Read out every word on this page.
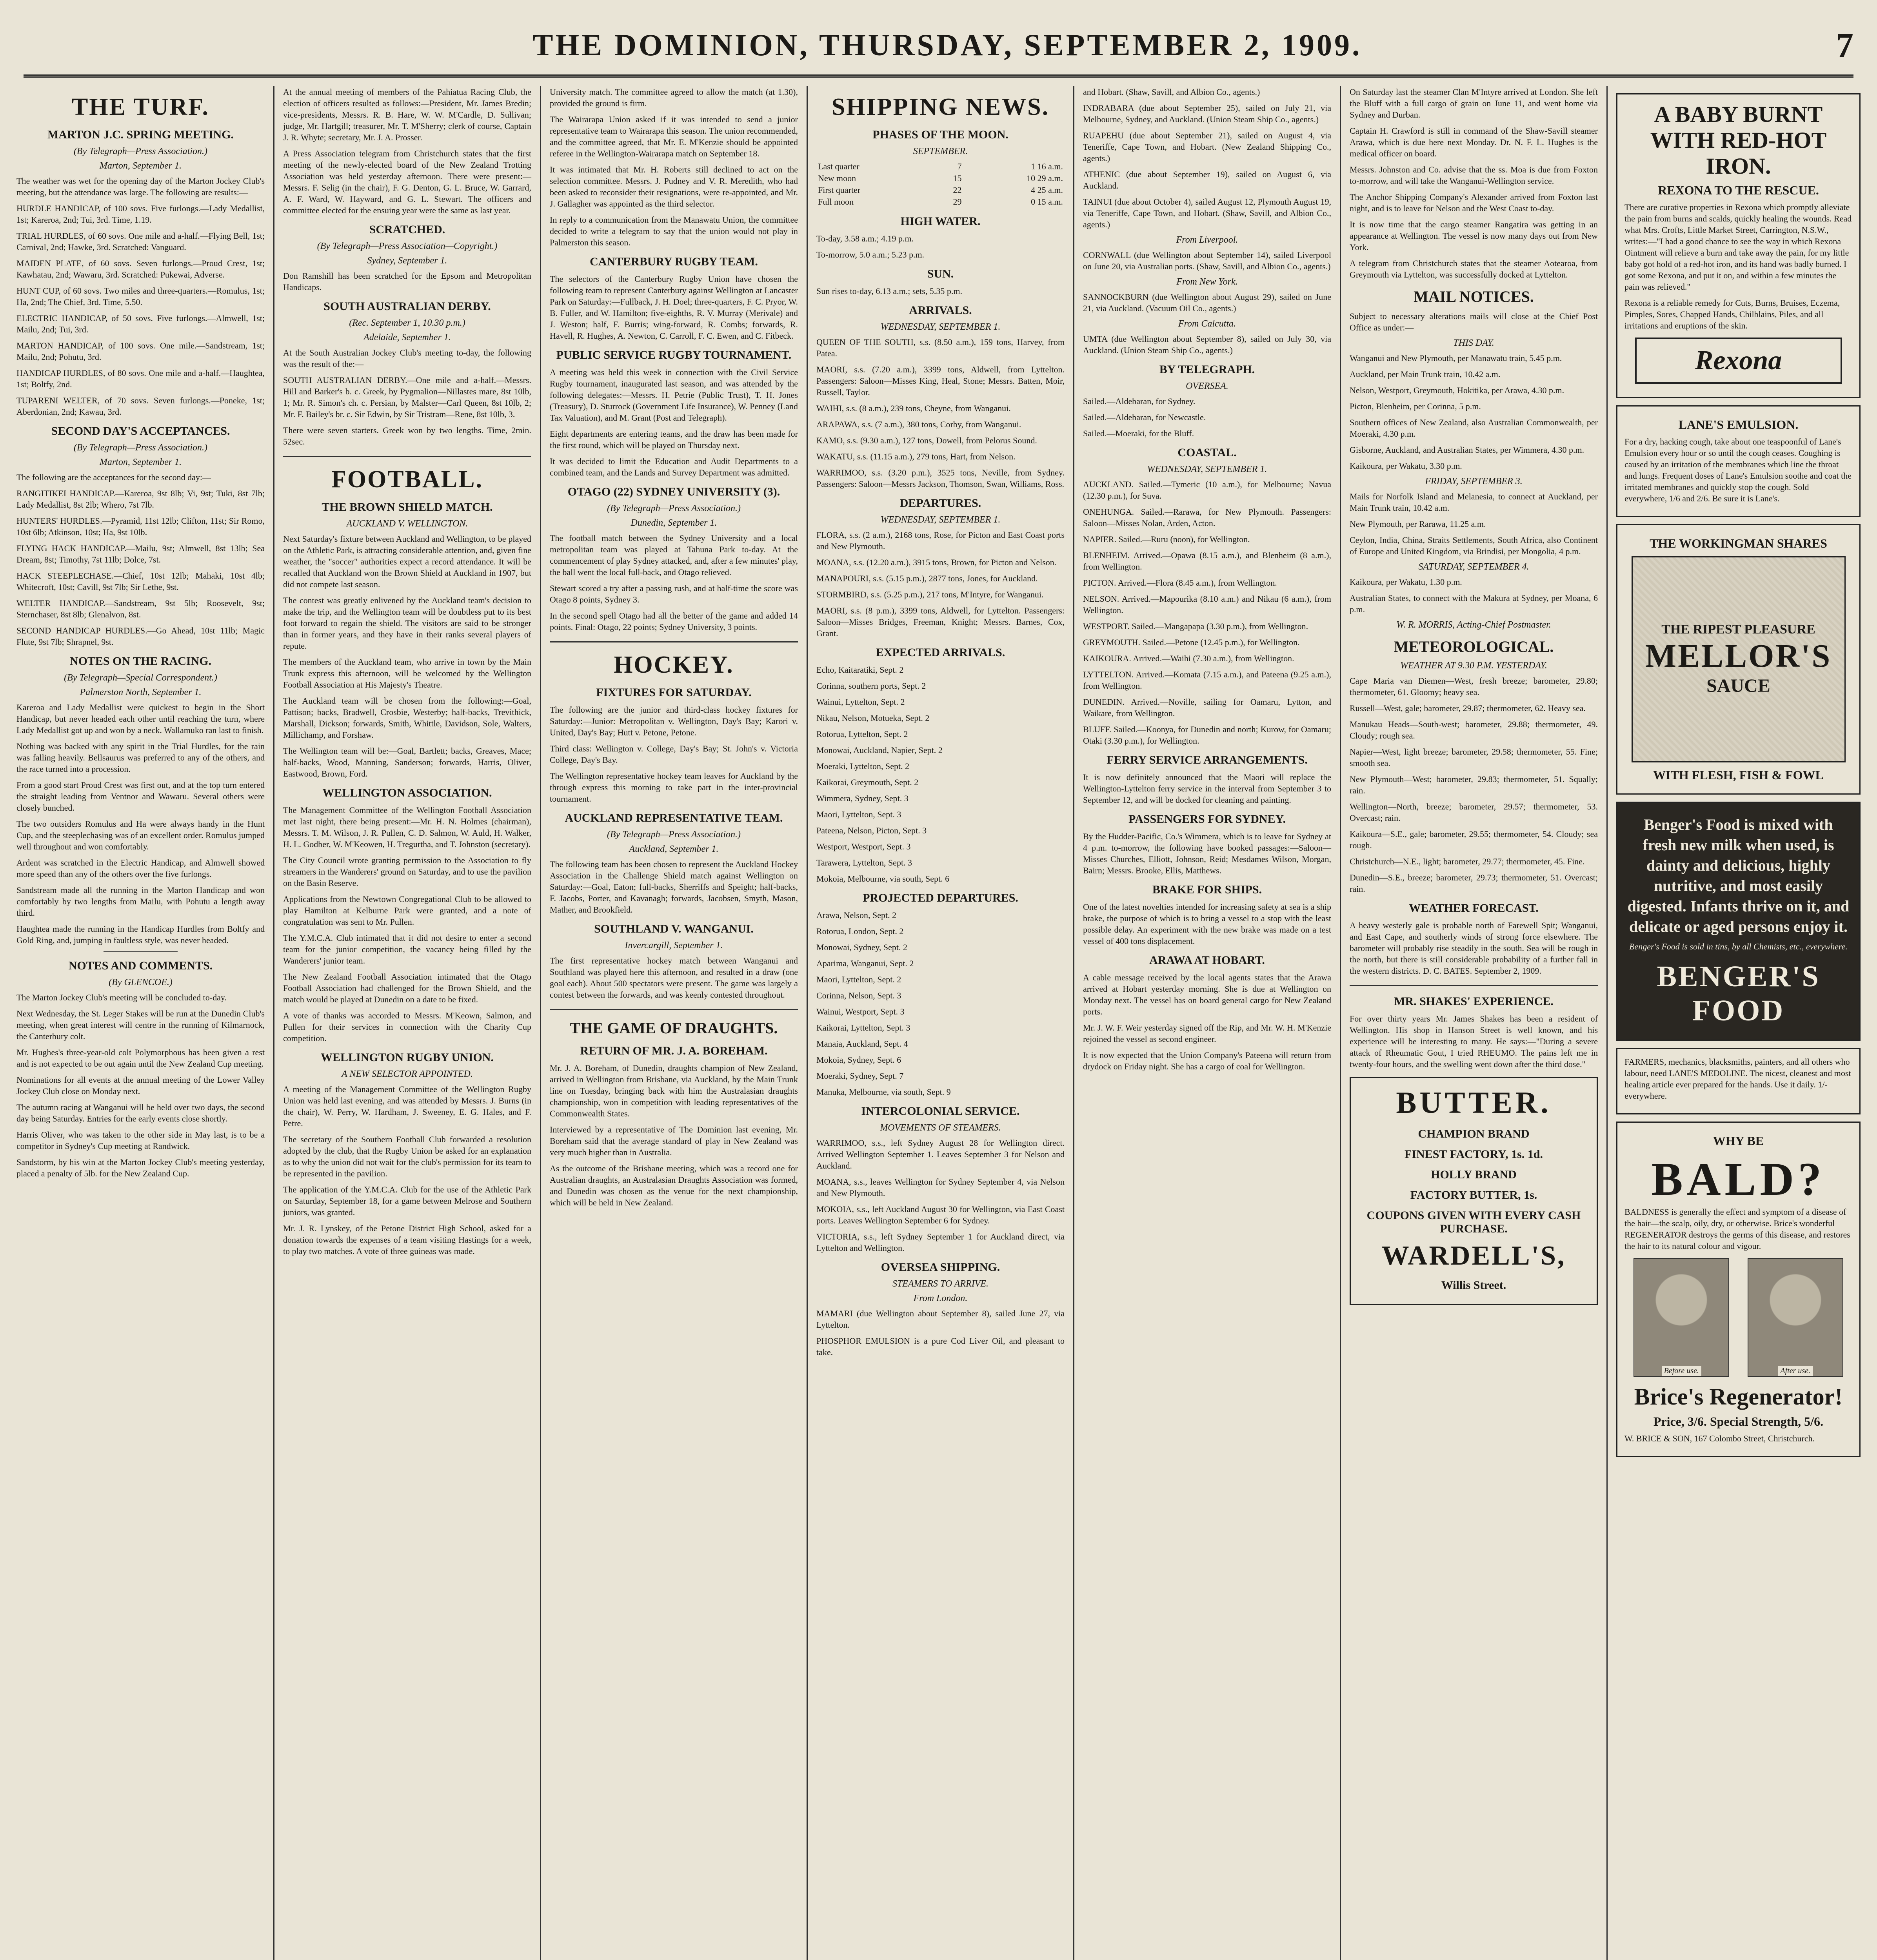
THE DOMINION, THURSDAY, SEPTEMBER 2, 1909.	7
THE TURF.
MARTON J.C. SPRING MEETING.
(By Telegraph—Press Association.)
Marton, September 1.
The weather was wet for the opening day of the Marton Jockey Club's meeting, but the attendance was large. The following are results:—
HURDLE HANDICAP, of 100 sovs. Five furlongs.—Lady Medallist, 1st; Kareroa, 2nd; Tui, 3rd. Time, 1.19.
TRIAL HURDLES, of 60 sovs. One mile and a-half.—Flying Bell, 1st; Carnival, 2nd; Hawke, 3rd. Scratched: Vanguard.
MAIDEN PLATE, of 60 sovs. Seven furlongs.—Proud Crest, 1st; Kawhatau, 2nd; Wawaru, 3rd. Scratched: Pukewai, Adverse.
HUNT CUP, of 60 sovs. Two miles and three-quarters.—Romulus, 1st; Ha, 2nd; The Chief, 3rd. Time, 5.50.
ELECTRIC HANDICAP, of 50 sovs. Five furlongs.—Almwell, 1st; Mailu, 2nd; Tui, 3rd.
MARTON HANDICAP, of 100 sovs. One mile.—Sandstream, 1st; Mailu, 2nd; Pohutu, 3rd.
HANDICAP HURDLES, of 80 sovs. One mile and a-half.—Haughtea, 1st; Boltfy, 2nd.
TUPARENI WELTER, of 70 sovs. Seven furlongs.—Poneke, 1st; Aberdonian, 2nd; Kawau, 3rd.
SECOND DAY'S ACCEPTANCES.
(By Telegraph—Press Association.)
Marton, September 1.
The following are the acceptances for the second day:—
RANGITIKEI HANDICAP.—Kareroa, 9st 8lb; Vi, 9st; Tuki, 8st 7lb; Lady Medallist, 8st 2lb; Whero, 7st 7lb.
HUNTERS' HURDLES.—Pyramid, 11st 12lb; Clifton, 11st; Sir Romo, 10st 6lb; Atkinson, 10st; Ha, 9st 10lb.
FLYING HACK HANDICAP.—Mailu, 9st; Almwell, 8st 13lb; Sea Dream, 8st; Timothy, 7st 11lb; Dolce, 7st.
HACK STEEPLECHASE.—Chief, 10st 12lb; Mahaki, 10st 4lb; Whitecroft, 10st; Cavill, 9st 7lb; Sir Lethe, 9st.
WELTER HANDICAP.—Sandstream, 9st 5lb; Roosevelt, 9st; Sternchaser, 8st 8lb; Glenalvon, 8st.
SECOND HANDICAP HURDLES.—Go Ahead, 10st 11lb; Magic Flute, 9st 7lb; Shrapnel, 9st.
NOTES ON THE RACING.
(By Telegraph—Special Correspondent.)
Palmerston North, September 1.
Kareroa and Lady Medallist were quickest to begin in the Short Handicap, but never headed each other until reaching the turn, where Lady Medallist got up and won by a neck. Wallamuko ran last to finish.
Nothing was backed with any spirit in the Trial Hurdles, for the rain was falling heavily. Bellsaurus was preferred to any of the others, and the race turned into a procession.
From a good start Proud Crest was first out, and at the top turn entered the straight leading from Ventnor and Wawaru. Several others were closely bunched.
The two outsiders Romulus and Ha were always handy in the Hunt Cup, and the steeplechasing was of an excellent order. Romulus jumped well throughout and won comfortably.
Ardent was scratched in the Electric Handicap, and Almwell showed more speed than any of the others over the five furlongs.
Sandstream made all the running in the Marton Handicap and won comfortably by two lengths from Mailu, with Pohutu a length away third.
Haughtea made the running in the Handicap Hurdles from Boltfy and Gold Ring, and, jumping in faultless style, was never headed.
NOTES AND COMMENTS.
(By GLENCOE.)
The Marton Jockey Club's meeting will be concluded to-day.
Next Wednesday, the St. Leger Stakes will be run at the Dunedin Club's meeting, when great interest will centre in the running of Kilmarnock, the Canterbury colt.
Mr. Hughes's three-year-old colt Polymorphous has been given a rest and is not expected to be out again until the New Zealand Cup meeting.
Nominations for all events at the annual meeting of the Lower Valley Jockey Club close on Monday next.
The autumn racing at Wanganui will be held over two days, the second day being Saturday. Entries for the early events close shortly.
Harris Oliver, who was taken to the other side in May last, is to be a competitor in Sydney's Cup meeting at Randwick.
Sandstorm, by his win at the Marton Jockey Club's meeting yesterday, placed a penalty of 5lb. for the New Zealand Cup.
At the annual meeting of members of the Pahiatua Racing Club, the election of officers resulted as follows:—President, Mr. James Bredin; vice-presidents, Messrs. R. B. Hare, W. W. M'Cardle, D. Sullivan; judge, Mr. Hartgill; treasurer, Mr. T. M'Sherry; clerk of course, Captain J. R. Whyte; secretary, Mr. J. A. Prosser.
A Press Association telegram from Christchurch states that the first meeting of the newly-elected board of the New Zealand Trotting Association was held yesterday afternoon. There were present:—Messrs. F. Selig (in the chair), F. G. Denton, G. L. Bruce, W. Garrard, A. F. Ward, W. Hayward, and G. L. Stewart. The officers and committee elected for the ensuing year were the same as last year.
SCRATCHED.
(By Telegraph—Press Association—Copyright.)
Sydney, September 1.
Don Ramshill has been scratched for the Epsom and Metropolitan Handicaps.
SOUTH AUSTRALIAN DERBY.
(Rec. September 1, 10.30 p.m.)
Adelaide, September 1.
At the South Australian Jockey Club's meeting to-day, the following was the result of the:—
SOUTH AUSTRALIAN DERBY.—One mile and a-half.—Messrs. Hill and Barker's b. c. Greek, by Pygmalion—Nillastes mare, 8st 10lb, 1; Mr. R. Simon's ch. c. Persian, by Malster—Carl Queen, 8st 10lb, 2; Mr. F. Bailey's br. c. Sir Edwin, by Sir Tristram—Rene, 8st 10lb, 3.
There were seven starters. Greek won by two lengths. Time, 2min. 52sec.
FOOTBALL.
THE BROWN SHIELD MATCH.
AUCKLAND V. WELLINGTON.
Next Saturday's fixture between Auckland and Wellington, to be played on the Athletic Park, is attracting considerable attention, and, given fine weather, the "soccer" authorities expect a record attendance. It will be recalled that Auckland won the Brown Shield at Auckland in 1907, but did not compete last season.
The contest was greatly enlivened by the Auckland team's decision to make the trip, and the Wellington team will be doubtless put to its best foot forward to regain the shield. The visitors are said to be stronger than in former years, and they have in their ranks several players of repute.
The members of the Auckland team, who arrive in town by the Main Trunk express this afternoon, will be welcomed by the Wellington Football Association at His Majesty's Theatre.
The Auckland team will be chosen from the following:—Goal, Pattison; backs, Bradwell, Crosbie, Westerby; half-backs, Trevithick, Marshall, Dickson; forwards, Smith, Whittle, Davidson, Sole, Walters, Millichamp, and Forshaw.
The Wellington team will be:—Goal, Bartlett; backs, Greaves, Mace; half-backs, Wood, Manning, Sanderson; forwards, Harris, Oliver, Eastwood, Brown, Ford.
WELLINGTON ASSOCIATION.
The Management Committee of the Wellington Football Association met last night, there being present:—Mr. H. N. Holmes (chairman), Messrs. T. M. Wilson, J. R. Pullen, C. D. Salmon, W. Auld, H. Walker, H. L. Godber, W. M'Keowen, H. Tregurtha, and T. Johnston (secretary).
The City Council wrote granting permission to the Association to fly streamers in the Wanderers' ground on Saturday, and to use the pavilion on the Basin Reserve.
Applications from the Newtown Congregational Club to be allowed to play Hamilton at Kelburne Park were granted, and a note of congratulation was sent to Mr. Pullen.
The Y.M.C.A. Club intimated that it did not desire to enter a second team for the junior competition, the vacancy being filled by the Wanderers' junior team.
The New Zealand Football Association intimated that the Otago Football Association had challenged for the Brown Shield, and the match would be played at Dunedin on a date to be fixed.
A vote of thanks was accorded to Messrs. M'Keown, Salmon, and Pullen for their services in connection with the Charity Cup competition.
WELLINGTON RUGBY UNION.
A NEW SELECTOR APPOINTED.
A meeting of the Management Committee of the Wellington Rugby Union was held last evening, and was attended by Messrs. J. Burns (in the chair), W. Perry, W. Hardham, J. Sweeney, E. G. Hales, and F. Petre.
The secretary of the Southern Football Club forwarded a resolution adopted by the club, that the Rugby Union be asked for an explanation as to why the union did not wait for the club's permission for its team to be represented in the pavilion.
The application of the Y.M.C.A. Club for the use of the Athletic Park on Saturday, September 18, for a game between Melrose and Southern juniors, was granted.
Mr. J. R. Lynskey, of the Petone District High School, asked for a donation towards the expenses of a team visiting Hastings for a week, to play two matches. A vote of three guineas was made.
University match. The committee agreed to allow the match (at 1.30), provided the ground is firm.
The Wairarapa Union asked if it was intended to send a junior representative team to Wairarapa this season. The union recommended, and the committee agreed, that Mr. E. M'Kenzie should be appointed referee in the Wellington-Wairarapa match on September 18.
It was intimated that Mr. H. Roberts still declined to act on the selection committee. Messrs. J. Pudney and V. R. Meredith, who had been asked to reconsider their resignations, were re-appointed, and Mr. J. Gallagher was appointed as the third selector.
In reply to a communication from the Manawatu Union, the committee decided to write a telegram to say that the union would not play in Palmerston this season.
CANTERBURY RUGBY TEAM.
The selectors of the Canterbury Rugby Union have chosen the following team to represent Canterbury against Wellington at Lancaster Park on Saturday:—Fullback, J. H. Doel; three-quarters, F. C. Pryor, W. B. Fuller, and W. Hamilton; five-eighths, R. V. Murray (Merivale) and J. Weston; half, F. Burris; wing-forward, R. Combs; forwards, R. Havell, R. Hughes, A. Newton, C. Carroll, F. C. Ewen, and C. Fitbeck.
PUBLIC SERVICE RUGBY TOURNAMENT.
A meeting was held this week in connection with the Civil Service Rugby tournament, inaugurated last season, and was attended by the following delegates:—Messrs. H. Petrie (Public Trust), T. H. Jones (Treasury), D. Sturrock (Government Life Insurance), W. Penney (Land Tax Valuation), and M. Grant (Post and Telegraph).
Eight departments are entering teams, and the draw has been made for the first round, which will be played on Thursday next.
It was decided to limit the Education and Audit Departments to a combined team, and the Lands and Survey Department was admitted.
OTAGO (22) SYDNEY UNIVERSITY (3).
(By Telegraph—Press Association.)
Dunedin, September 1.
The football match between the Sydney University and a local metropolitan team was played at Tahuna Park to-day. At the commencement of play Sydney attacked, and, after a few minutes' play, the ball went the local full-back, and Otago relieved.
Stewart scored a try after a passing rush, and at half-time the score was Otago 8 points, Sydney 3.
In the second spell Otago had all the better of the game and added 14 points. Final: Otago, 22 points; Sydney University, 3 points.
HOCKEY.
FIXTURES FOR SATURDAY.
The following are the junior and third-class hockey fixtures for Saturday:—Junior: Metropolitan v. Wellington, Day's Bay; Karori v. United, Day's Bay; Hutt v. Petone, Petone.
Third class: Wellington v. College, Day's Bay; St. John's v. Victoria College, Day's Bay.
The Wellington representative hockey team leaves for Auckland by the through express this morning to take part in the inter-provincial tournament.
AUCKLAND REPRESENTATIVE TEAM.
(By Telegraph—Press Association.)
Auckland, September 1.
The following team has been chosen to represent the Auckland Hockey Association in the Challenge Shield match against Wellington on Saturday:—Goal, Eaton; full-backs, Sherriffs and Speight; half-backs, F. Jacobs, Porter, and Kavanagh; forwards, Jacobsen, Smyth, Mason, Mather, and Brookfield.
SOUTHLAND V. WANGANUI.
Invercargill, September 1.
The first representative hockey match between Wanganui and Southland was played here this afternoon, and resulted in a draw (one goal each). About 500 spectators were present. The game was largely a contest between the forwards, and was keenly contested throughout.
THE GAME OF DRAUGHTS.
RETURN OF MR. J. A. BOREHAM.
Mr. J. A. Boreham, of Dunedin, draughts champion of New Zealand, arrived in Wellington from Brisbane, via Auckland, by the Main Trunk line on Tuesday, bringing back with him the Australasian draughts championship, won in competition with leading representatives of the Commonwealth States.
Interviewed by a representative of The Dominion last evening, Mr. Boreham said that the average standard of play in New Zealand was very much higher than in Australia.
As the outcome of the Brisbane meeting, which was a record one for Australian draughts, an Australasian Draughts Association was formed, and Dunedin was chosen as the venue for the next championship, which will be held in New Zealand.
SHIPPING NEWS.
PHASES OF THE MOON.
SEPTEMBER.
Last quarter	7	1 16 a.m.
New moon	15	10 29 a.m.
First quarter	22	4 25 a.m.
Full moon	29	0 15 a.m.
HIGH WATER.
To-day, 3.58 a.m.; 4.19 p.m.
To-morrow, 5.0 a.m.; 5.23 p.m.
SUN.
Sun rises to-day, 6.13 a.m.; sets, 5.35 p.m.
ARRIVALS.
WEDNESDAY, SEPTEMBER 1.
QUEEN OF THE SOUTH, s.s. (8.50 a.m.), 159 tons, Harvey, from Patea.
MAORI, s.s. (7.20 a.m.), 3399 tons, Aldwell, from Lyttelton. Passengers: Saloon—Misses King, Heal, Stone; Messrs. Batten, Moir, Russell, Taylor.
WAIHI, s.s. (8 a.m.), 239 tons, Cheyne, from Wanganui.
ARAPAWA, s.s. (7 a.m.), 380 tons, Corby, from Wanganui.
KAMO, s.s. (9.30 a.m.), 127 tons, Dowell, from Pelorus Sound.
WAKATU, s.s. (11.15 a.m.), 279 tons, Hart, from Nelson.
WARRIMOO, s.s. (3.20 p.m.), 3525 tons, Neville, from Sydney. Passengers: Saloon—Messrs Jackson, Thomson, Swan, Williams, Ross.
DEPARTURES.
WEDNESDAY, SEPTEMBER 1.
FLORA, s.s. (2 a.m.), 2168 tons, Rose, for Picton and East Coast ports and New Plymouth.
MOANA, s.s. (12.20 a.m.), 3915 tons, Brown, for Picton and Nelson.
MANAPOURI, s.s. (5.15 p.m.), 2877 tons, Jones, for Auckland.
STORMBIRD, s.s. (5.25 p.m.), 217 tons, M'Intyre, for Wanganui.
MAORI, s.s. (8 p.m.), 3399 tons, Aldwell, for Lyttelton. Passengers: Saloon—Misses Bridges, Freeman, Knight; Messrs. Barnes, Cox, Grant.
EXPECTED ARRIVALS.
Echo, Kaitaratiki, Sept. 2
Corinna, southern ports, Sept. 2
Wainui, Lyttelton, Sept. 2
Nikau, Nelson, Motueka, Sept. 2
Rotorua, Lyttelton, Sept. 2
Monowai, Auckland, Napier, Sept. 2
Moeraki, Lyttelton, Sept. 2
Kaikorai, Greymouth, Sept. 2
Wimmera, Sydney, Sept. 3
Maori, Lyttelton, Sept. 3
Pateena, Nelson, Picton, Sept. 3
Westport, Westport, Sept. 3
Tarawera, Lyttelton, Sept. 3
Mokoia, Melbourne, via south, Sept. 6
PROJECTED DEPARTURES.
Arawa, Nelson, Sept. 2
Rotorua, London, Sept. 2
Monowai, Sydney, Sept. 2
Aparima, Wanganui, Sept. 2
Maori, Lyttelton, Sept. 2
Corinna, Nelson, Sept. 3
Wainui, Westport, Sept. 3
Kaikorai, Lyttelton, Sept. 3
Manaia, Auckland, Sept. 4
Mokoia, Sydney, Sept. 6
Moeraki, Sydney, Sept. 7
Manuka, Melbourne, via south, Sept. 9
INTERCOLONIAL SERVICE.
MOVEMENTS OF STEAMERS.
WARRIMOO, s.s., left Sydney August 28 for Wellington direct. Arrived Wellington September 1. Leaves September 3 for Nelson and Auckland.
MOANA, s.s., leaves Wellington for Sydney September 4, via Nelson and New Plymouth.
MOKOIA, s.s., left Auckland August 30 for Wellington, via East Coast ports. Leaves Wellington September 6 for Sydney.
VICTORIA, s.s., left Sydney September 1 for Auckland direct, via Lyttelton and Wellington.
OVERSEA SHIPPING.
STEAMERS TO ARRIVE.
From London.
MAMARI (due Wellington about September 8), sailed June 27, via Lyttelton.
PHOSPHOR EMULSION is a pure Cod Liver Oil, and pleasant to take.
and Hobart. (Shaw, Savill, and Albion Co., agents.)
INDRABARA (due about September 25), sailed on July 21, via Melbourne, Sydney, and Auckland. (Union Steam Ship Co., agents.)
RUAPEHU (due about September 21), sailed on August 4, via Teneriffe, Cape Town, and Hobart. (New Zealand Shipping Co., agents.)
ATHENIC (due about September 19), sailed on August 6, via Auckland.
TAINUI (due about October 4), sailed August 12, Plymouth August 19, via Teneriffe, Cape Town, and Hobart. (Shaw, Savill, and Albion Co., agents.)
From Liverpool.
CORNWALL (due Wellington about September 14), sailed Liverpool on June 20, via Australian ports. (Shaw, Savill, and Albion Co., agents.)
From New York.
SANNOCKBURN (due Wellington about August 29), sailed on June 21, via Auckland. (Vacuum Oil Co., agents.)
From Calcutta.
UMTA (due Wellington about September 8), sailed on July 30, via Auckland. (Union Steam Ship Co., agents.)
BY TELEGRAPH.
OVERSEA.
Sailed.—Aldebaran, for Sydney.
Sailed.—Aldebaran, for Newcastle.
Sailed.—Moeraki, for the Bluff.
COASTAL.
WEDNESDAY, SEPTEMBER 1.
AUCKLAND. Sailed.—Tymeric (10 a.m.), for Melbourne; Navua (12.30 p.m.), for Suva.
ONEHUNGA. Sailed.—Rarawa, for New Plymouth. Passengers: Saloon—Misses Nolan, Arden, Acton.
NAPIER. Sailed.—Ruru (noon), for Wellington.
BLENHEIM. Arrived.—Opawa (8.15 a.m.), and Blenheim (8 a.m.), from Wellington.
PICTON. Arrived.—Flora (8.45 a.m.), from Wellington.
NELSON. Arrived.—Mapourika (8.10 a.m.) and Nikau (6 a.m.), from Wellington.
WESTPORT. Sailed.—Mangapapa (3.30 p.m.), from Wellington.
GREYMOUTH. Sailed.—Petone (12.45 p.m.), for Wellington.
KAIKOURA. Arrived.—Waihi (7.30 a.m.), from Wellington.
LYTTELTON. Arrived.—Komata (7.15 a.m.), and Pateena (9.25 a.m.), from Wellington.
DUNEDIN. Arrived.—Noville, sailing for Oamaru, Lytton, and Waikare, from Wellington.
BLUFF. Sailed.—Koonya, for Dunedin and north; Kurow, for Oamaru; Otaki (3.30 p.m.), for Wellington.
FERRY SERVICE ARRANGEMENTS.
It is now definitely announced that the Maori will replace the Wellington-Lyttelton ferry service in the interval from September 3 to September 12, and will be docked for cleaning and painting.
PASSENGERS FOR SYDNEY.
By the Hudder-Pacific, Co.'s Wimmera, which is to leave for Sydney at 4 p.m. to-morrow, the following have booked passages:—Saloon—Misses Churches, Elliott, Johnson, Reid; Mesdames Wilson, Morgan, Bairn; Messrs. Brooke, Ellis, Matthews.
BRAKE FOR SHIPS.
One of the latest novelties intended for increasing safety at sea is a ship brake, the purpose of which is to bring a vessel to a stop with the least possible delay. An experiment with the new brake was made on a test vessel of 400 tons displacement.
ARAWA AT HOBART.
A cable message received by the local agents states that the Arawa arrived at Hobart yesterday morning. She is due at Wellington on Monday next. The vessel has on board general cargo for New Zealand ports.
Mr. J. W. F. Weir yesterday signed off the Rip, and Mr. W. H. M'Kenzie rejoined the vessel as second engineer.
It is now expected that the Union Company's Pateena will return from drydock on Friday night. She has a cargo of coal for Wellington.
On Saturday last the steamer Clan M'Intyre arrived at London. She left the Bluff with a full cargo of grain on June 11, and went home via Sydney and Durban.
Captain H. Crawford is still in command of the Shaw-Savill steamer Arawa, which is due here next Monday. Dr. N. F. L. Hughes is the medical officer on board.
Messrs. Johnston and Co. advise that the ss. Moa is due from Foxton to-morrow, and will take the Wanganui-Wellington service.
The Anchor Shipping Company's Alexander arrived from Foxton last night, and is to leave for Nelson and the West Coast to-day.
It is now time that the cargo steamer Rangatira was getting in an appearance at Wellington. The vessel is now many days out from New York.
A telegram from Christchurch states that the steamer Aotearoa, from Greymouth via Lyttelton, was successfully docked at Lyttelton.
MAIL NOTICES.
Subject to necessary alterations mails will close at the Chief Post Office as under:—
THIS DAY.
Wanganui and New Plymouth, per Manawatu train, 5.45 p.m.
Auckland, per Main Trunk train, 10.42 a.m.
Nelson, Westport, Greymouth, Hokitika, per Arawa, 4.30 p.m.
Picton, Blenheim, per Corinna, 5 p.m.
Southern offices of New Zealand, also Australian Commonwealth, per Moeraki, 4.30 p.m.
Gisborne, Auckland, and Australian States, per Wimmera, 4.30 p.m.
Kaikoura, per Wakatu, 3.30 p.m.
FRIDAY, SEPTEMBER 3.
Mails for Norfolk Island and Melanesia, to connect at Auckland, per Main Trunk train, 10.42 a.m.
New Plymouth, per Rarawa, 11.25 a.m.
Ceylon, India, China, Straits Settlements, South Africa, also Continent of Europe and United Kingdom, via Brindisi, per Mongolia, 4 p.m.
SATURDAY, SEPTEMBER 4.
Kaikoura, per Wakatu, 1.30 p.m.
Australian States, to connect with the Makura at Sydney, per Moana, 6 p.m.
W. R. MORRIS, Acting-Chief Postmaster.
METEOROLOGICAL.
WEATHER AT 9.30 P.M. YESTERDAY.
Cape Maria van Diemen—West, fresh breeze; barometer, 29.80; thermometer, 61. Gloomy; heavy sea.
Russell—West, gale; barometer, 29.87; thermometer, 62. Heavy sea.
Manukau Heads—South-west; barometer, 29.88; thermometer, 49. Cloudy; rough sea.
Napier—West, light breeze; barometer, 29.58; thermometer, 55. Fine; smooth sea.
New Plymouth—West; barometer, 29.83; thermometer, 51. Squally; rain.
Wellington—North, breeze; barometer, 29.57; thermometer, 53. Overcast; rain.
Kaikoura—S.E., gale; barometer, 29.55; thermometer, 54. Cloudy; sea rough.
Christchurch—N.E., light; barometer, 29.77; thermometer, 45. Fine.
Dunedin—S.E., breeze; barometer, 29.73; thermometer, 51. Overcast; rain.
WEATHER FORECAST.
A heavy westerly gale is probable north of Farewell Spit; Wanganui, and East Cape, and southerly winds of strong force elsewhere. The barometer will probably rise steadily in the south. Sea will be rough in the north, but there is still considerable probability of a further fall in the western districts. D. C. BATES. September 2, 1909.
MR. SHAKES' EXPERIENCE.
For over thirty years Mr. James Shakes has been a resident of Wellington. His shop in Hanson Street is well known, and his experience will be interesting to many. He says:—"During a severe attack of Rheumatic Gout, I tried RHEUMO. The pains left me in twenty-four hours, and the swelling went down after the third dose."
BUTTER.
CHAMPION BRAND
FINEST FACTORY, 1s. 1d.
HOLLY BRAND
FACTORY BUTTER, 1s.
COUPONS GIVEN WITH EVERY CASH PURCHASE.
WARDELL'S,
Willis Street.
A BABY BURNT WITH RED-HOT IRON.
REXONA TO THE RESCUE.
There are curative properties in Rexona which promptly alleviate the pain from burns and scalds, quickly healing the wounds. Read what Mrs. Crofts, Little Market Street, Carrington, N.S.W., writes:—"I had a good chance to see the way in which Rexona Ointment will relieve a burn and take away the pain, for my little baby got hold of a red-hot iron, and its hand was badly burned. I got some Rexona, and put it on, and within a few minutes the pain was relieved."
Rexona is a reliable remedy for Cuts, Burns, Bruises, Eczema, Pimples, Sores, Chapped Hands, Chilblains, Piles, and all irritations and eruptions of the skin.
Rexona
LANE'S EMULSION.
For a dry, hacking cough, take about one teaspoonful of Lane's Emulsion every hour or so until the cough ceases. Coughing is caused by an irritation of the membranes which line the throat and lungs. Frequent doses of Lane's Emulsion soothe and coat the irritated membranes and quickly stop the cough. Sold everywhere, 1/6 and 2/6. Be sure it is Lane's.
THE WORKINGMAN SHARES
THE RIPEST PLEASURE
MELLOR'S
SAUCE
WITH FLESH, FISH & FOWL
Benger's Food is mixed with fresh new milk when used, is dainty and delicious, highly nutritive, and most easily digested. Infants thrive on it, and delicate or aged persons enjoy it.
Benger's Food is sold in tins, by all Chemists, etc., everywhere.
BENGER'S FOOD
FARMERS, mechanics, blacksmiths, painters, and all others who labour, need LANE'S MEDOLINE. The nicest, cleanest and most healing article ever prepared for the hands. Use it daily. 1/- everywhere.
WHY BE
BALD?
BALDNESS is generally the effect and symptom of a disease of the hair—the scalp, oily, dry, or otherwise. Brice's wonderful REGENERATOR destroys the germs of this disease, and restores the hair to its natural colour and vigour.
Before use.	After use.
Brice's Regenerator!
Price, 3/6. Special Strength, 5/6.
W. BRICE & SON, 167 Colombo Street, Christchurch.
